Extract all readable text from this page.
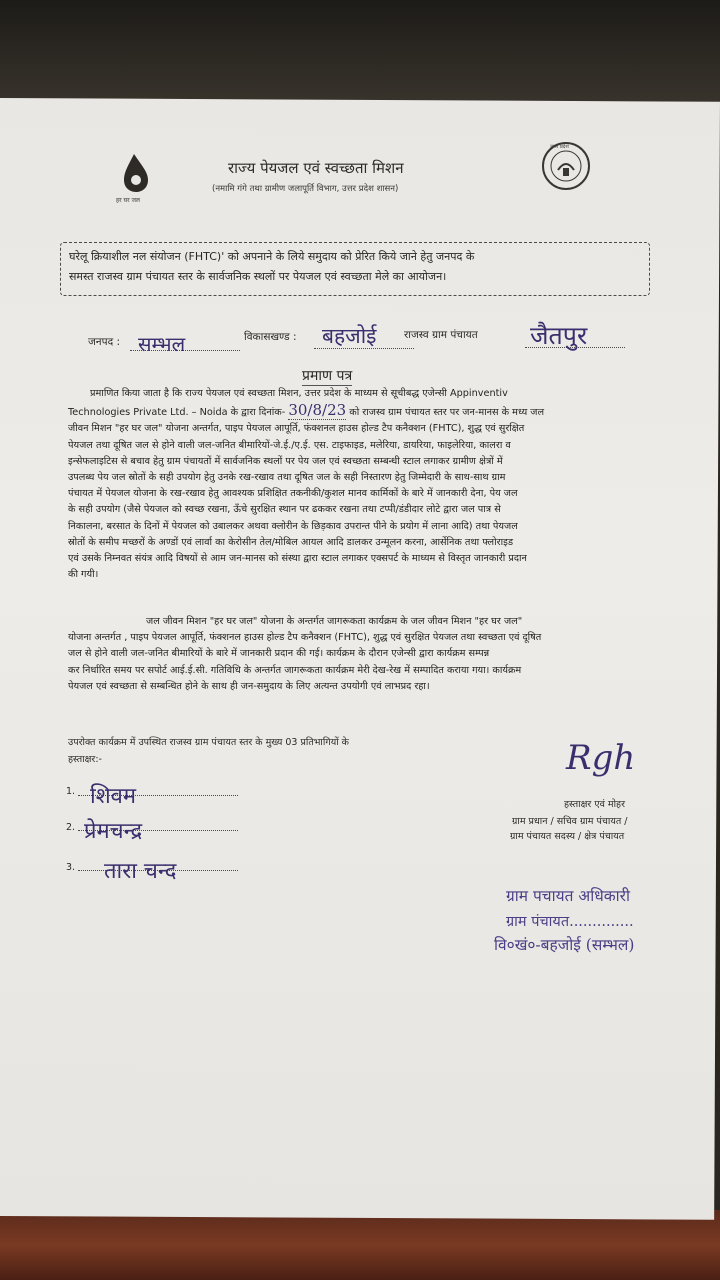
हर घर जल
उत्तर प्रदेश
राज्य पेयजल एवं स्वच्छता मिशन
(नमामि गंगे तथा ग्रामीण जलापूर्ति विभाग, उत्तर प्रदेश शासन)
घरेलू क्रियाशील नल संयोजन (FHTC)' को अपनाने के लिये समुदाय को प्रेरित किये जाने हेतु जनपद के
समस्त राजस्व ग्राम पंचायत स्तर के सार्वजनिक स्थलों पर पेयजल एवं स्वच्छता मेले का आयोजन।
जनपद : सम्भल	विकासखण्ड : बहजोई	राजस्व ग्राम पंचायत जैतपुर
प्रमाण पत्र
प्रमाणित किया जाता है कि राज्य पेयजल एवं स्वच्छता मिशन, उत्तर प्रदेश के माध्यम से सूचीबद्ध एजेन्सी Appinventiv
Technologies Private Ltd. – Noida के द्वारा दिनांक- 30/8/23 को राजस्व ग्राम पंचायत स्तर पर जन-मानस के मध्य जल
जीवन मिशन "हर घर जल" योजना अन्तर्गत, पाइप पेयजल आपूर्ति, फंक्शनल हाउस होल्ड टैप कनैक्शन (FHTC), शुद्ध एवं सुरक्षित
पेयजल तथा दूषित जल से होने वाली जल-जनित बीमारियों-जे.ई./ए.ई. एस. टाइफाइड, मलेरिया, डायरिया, फाइलेरिया, कालरा व
इन्सेफलाइटिस से बचाव हेतु ग्राम पंचायतों में सार्वजनिक स्थलों पर पेय जल एवं स्वच्छता सम्बन्धी स्टाल लगाकर ग्रामीण क्षेत्रों में
उपलब्ध पेय जल स्रोतों के सही उपयोग हेतु उनके रख-रखाव तथा दूषित जल के सही निस्तारण हेतु जिम्मेदारी के साथ-साथ ग्राम
पंचायत में पेयजल योजना के रख-रखाव हेतु आवश्यक प्रशिक्षित तकनीकी/कुशल मानव कार्मिकों के बारे में जानकारी देना, पेय जल
के सही उपयोग (जैसे पेयजल को स्वच्छ रखना, ऊँचे सुरक्षित स्थान पर ढककर रखना तथा टप्पी/डंडीदार लोटे द्वारा जल पात्र से
निकालना, बरसात के दिनों में पेयजल को उबालकर अथवा क्लोरीन के छिड़काव उपरान्त पीने के प्रयोग में लाना आदि) तथा पेयजल
स्रोतों के समीप मच्छरों के अण्डों एवं लार्वा का केरोसीन तेल/मोबिल आयल आदि डालकर उन्मूलन करना, आर्सेनिक तथा फ्लोराइड
एवं उसके निम्नवत संयंत्र आदि विषयों से आम जन-मानस को संस्था द्वारा स्टाल लगाकर एक्सपर्ट के माध्यम से विस्तृत जानकारी प्रदान
की गयी।
जल जीवन मिशन "हर घर जल" योजना के अन्तर्गत जागरूकता कार्यक्रम के जल जीवन मिशन "हर घर जल"
योजना अन्तर्गत , पाइप पेयजल आपूर्ति, फंक्शनल हाउस होल्ड टैप कनैक्शन (FHTC), शुद्ध एवं सुरक्षित पेयजल तथा स्वच्छता एवं दूषित
जल से होने वाली जल-जनित बीमारियों के बारे में जानकारी प्रदान की गई। कार्यक्रम के दौरान एजेन्सी द्वारा कार्यक्रम सम्पन्न
कर निर्धारित समय पर सपोर्ट आई.ई.सी. गतिविधि के अन्तर्गत जागरूकता कार्यक्रम मेरी देख-रेख में सम्पादित कराया गया। कार्यक्रम
पेयजल एवं स्वच्छता से सम्बन्धित होने के साथ ही जन-समुदाय के लिए अत्यन्त उपयोगी एवं लाभप्रद रहा।
उपरोक्त कार्यक्रम में उपस्थित राजस्व ग्राम पंचायत स्तर के मुख्य 03 प्रतिभागियों के
हस्ताक्षर:-
1. शिवम
2. प्रेमचन्द्र
3. तारा चन्द
Rgh
हस्ताक्षर एवं मोहर
ग्राम प्रधान / सचिव ग्राम पंचायत /
ग्राम पंचायत सदस्य / क्षेत्र पंचायत
ग्राम पचायत अधिकारी
ग्राम पंचायत..............
वि०खं०-बहजोई (सम्भल)
